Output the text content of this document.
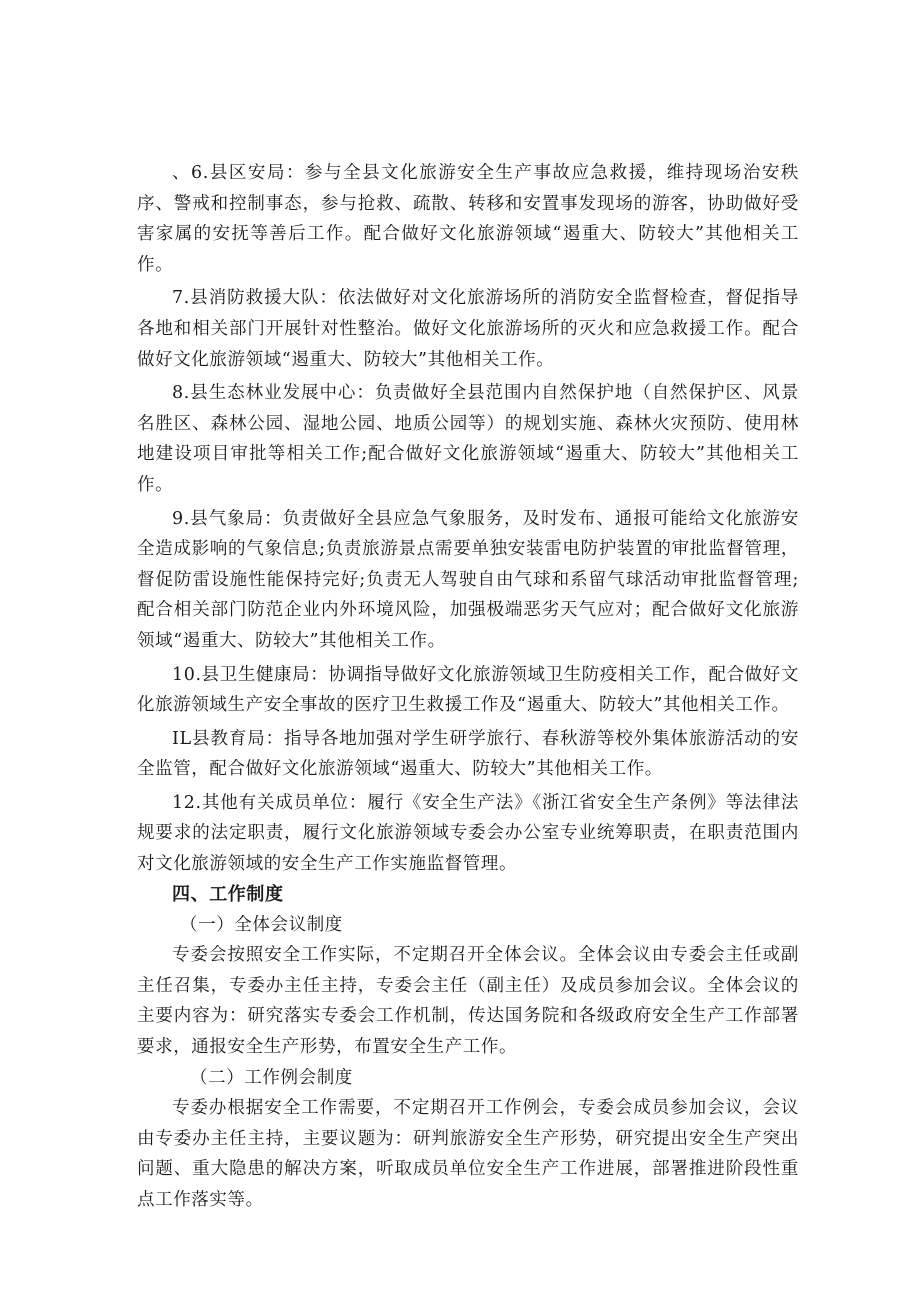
、6.县区安局：参与全县文化旅游安全生产事故应急救援，维持现场治安秩序、警戒和控制事态，参与抢救、疏散、转移和安置事发现场的游客，协助做好受害家属的安抚等善后工作。配合做好文化旅游领域“遏重大、防较大”其他相关工作。

7.县消防救援大队：依法做好对文化旅游场所的消防安全监督检查，督促指导各地和相关部门开展针对性整治。做好文化旅游场所的灭火和应急救援工作。配合做好文化旅游领域“遏重大、防较大”其他相关工作。

8.县生态林业发展中心：负责做好全县范围内自然保护地（自然保护区、风景名胜区、森林公园、湿地公园、地质公园等）的规划实施、森林火灾预防、使用林地建设项目审批等相关工作;配合做好文化旅游领域“遏重大、防较大”其他相关工作。

9.县气象局：负责做好全县应急气象服务，及时发布、通报可能给文化旅游安全造成影响的气象信息;负责旅游景点需要单独安装雷电防护装置的审批监督管理，督促防雷设施性能保持完好;负责无人驾驶自由气球和系留气球活动审批监督管理;配合相关部门防范企业内外环境风险，加强极端恶劣天气应对；配合做好文化旅游领域“遏重大、防较大”其他相关工作。

10.县卫生健康局：协调指导做好文化旅游领域卫生防疫相关工作，配合做好文化旅游领域生产安全事故的医疗卫生救援工作及“遏重大、防较大”其他相关工作。

IL县教育局：指导各地加强对学生研学旅行、春秋游等校外集体旅游活动的安全监管，配合做好文化旅游领域“遏重大、防较大”其他相关工作。

12.其他有关成员单位：履行《安全生产法》《浙江省安全生产条例》等法律法规要求的法定职责，履行文化旅游领域专委会办公室专业统筹职责，在职责范围内对文化旅游领域的安全生产工作实施监督管理。

四、工作制度

（一）全体会议制度

专委会按照安全工作实际，不定期召开全体会议。全体会议由专委会主任或副主任召集，专委办主任主持，专委会主任（副主任）及成员参加会议。全体会议的主要内容为：研究落实专委会工作机制，传达国务院和各级政府安全生产工作部署要求，通报安全生产形势，布置安全生产工作。

（二）工作例会制度

专委办根据安全工作需要，不定期召开工作例会，专委会成员参加会议，会议由专委办主任主持，主要议题为：研判旅游安全生产形势，研究提出安全生产突出问题、重大隐患的解决方案，听取成员单位安全生产工作进展，部署推进阶段性重点工作落实等。
